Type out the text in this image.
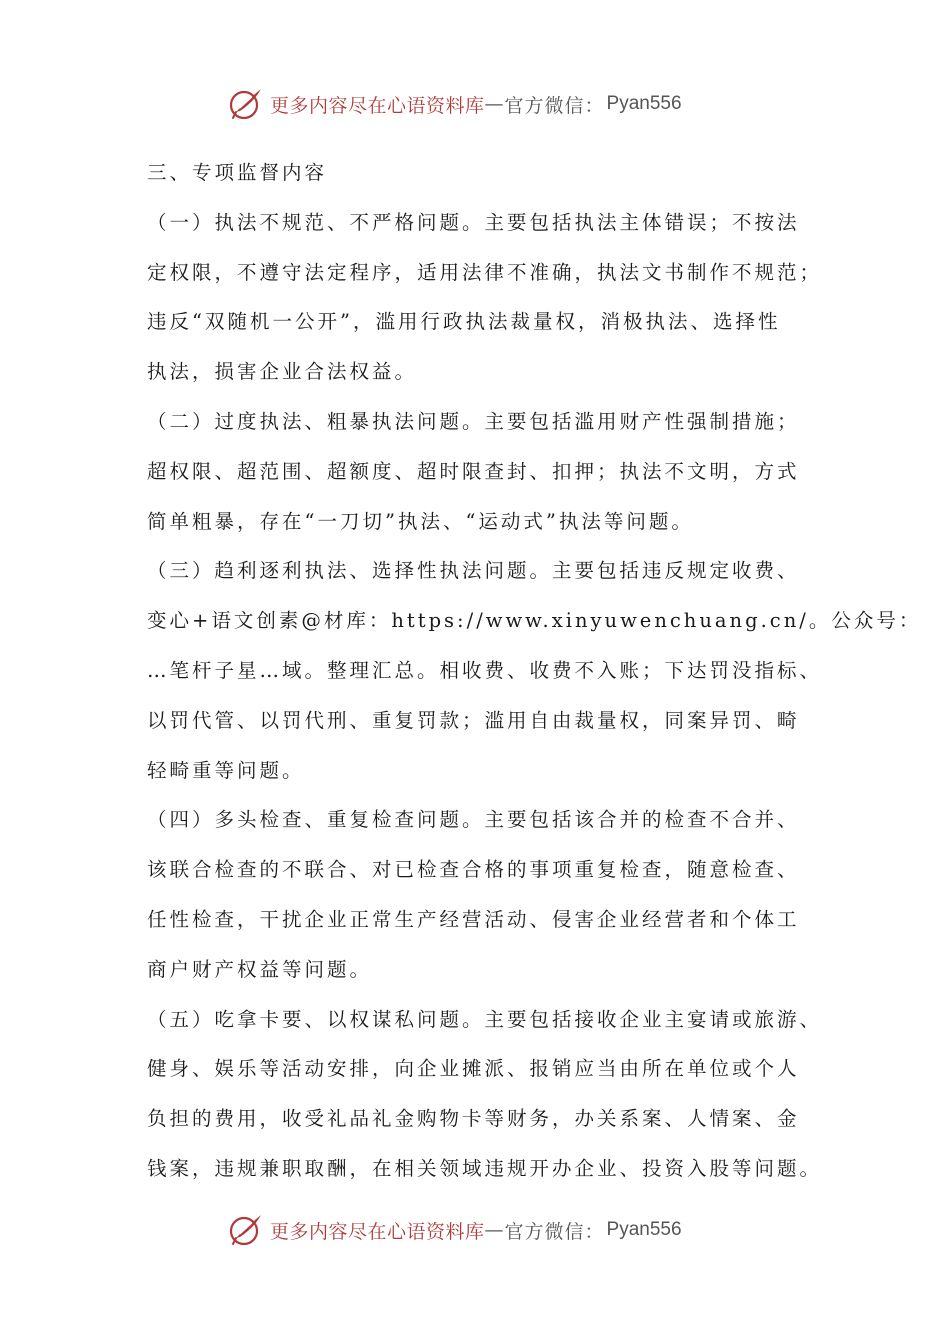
更多内容尽在心语资料库 — 官方微信： Pyan556
三、专项监督内容
（一）执法不规范、不严格问题。主要包括执法主体错误；不按法
定权限，不遵守法定程序，适用法律不准确，执法文书制作不规范；
违反“双随机一公开”，滥用行政执法裁量权，消极执法、选择性
执法，损害企业合法权益。
（二）过度执法、粗暴执法问题。主要包括滥用财产性强制措施；
超权限、超范围、超额度、超时限查封、扣押；执法不文明，方式
简单粗暴，存在“一刀切”执法、“运动式”执法等问题。
（三）趋利逐利执法、选择性执法问题。主要包括违反规定收费、
变心+语文创素@材库：https://www.xinyuwenchuang.cn/。公众号：
…笔杆子星…域。整理汇总。相收费、收费不入账；下达罚没指标、
以罚代管、以罚代刑、重复罚款；滥用自由裁量权，同案异罚、畸
轻畸重等问题。
（四）多头检查、重复检查问题。主要包括该合并的检查不合并、
该联合检查的不联合、对已检查合格的事项重复检查，随意检查、
任性检查，干扰企业正常生产经营活动、侵害企业经营者和个体工
商户财产权益等问题。
（五）吃拿卡要、以权谋私问题。主要包括接收企业主宴请或旅游、
健身、娱乐等活动安排，向企业摊派、报销应当由所在单位或个人
负担的费用，收受礼品礼金购物卡等财务，办关系案、人情案、金
钱案，违规兼职取酬，在相关领域违规开办企业、投资入股等问题。
更多内容尽在心语资料库 — 官方微信： Pyan556
